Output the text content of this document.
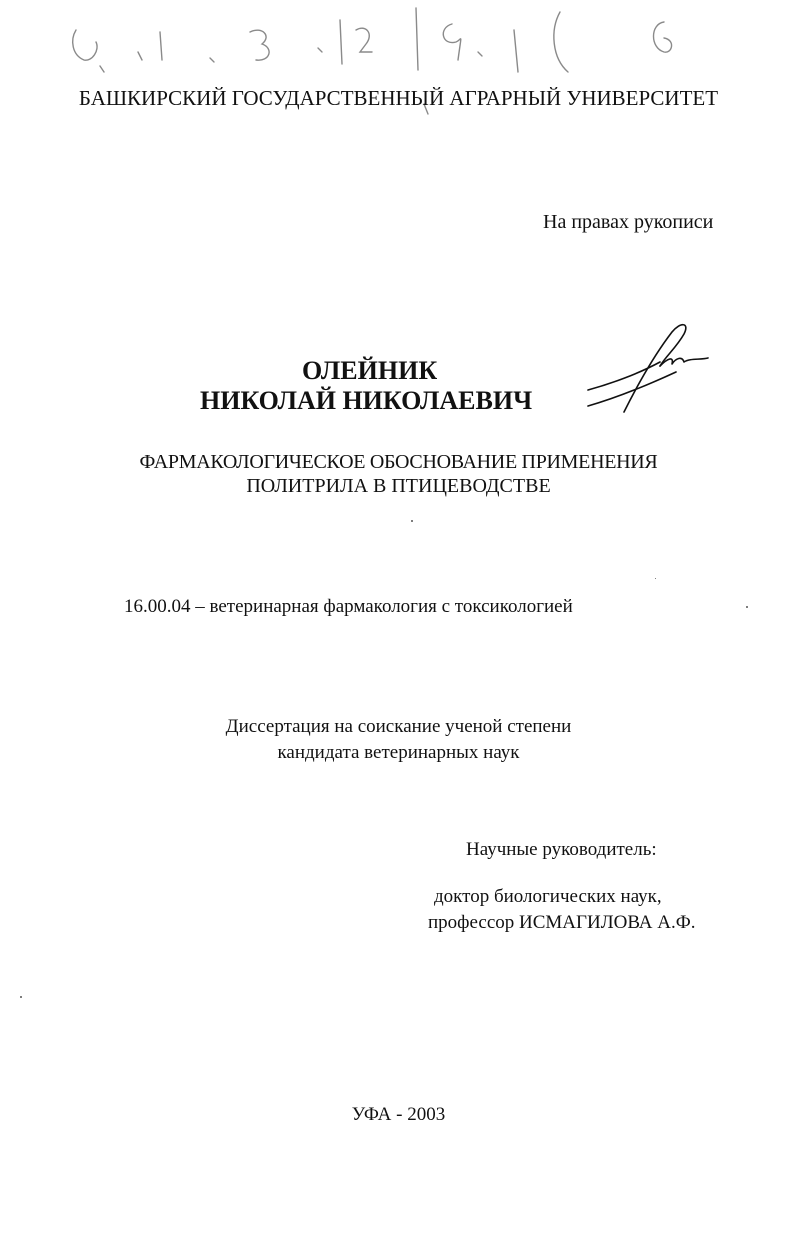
БАШКИРСКИЙ ГОСУДАРСТВЕННЫЙ АГРАРНЫЙ УНИВЕРСИТЕТ
На правах рукописи
ОЛЕЙНИК
НИКОЛАЙ НИКОЛАЕВИЧ
ФАРМАКОЛОГИЧЕСКОЕ ОБОСНОВАНИЕ ПРИМЕНЕНИЯ
ПОЛИТРИЛА В ПТИЦЕВОДСТВЕ
16.00.04 – ветеринарная фармакология с токсикологией
Диссертация на соискание ученой степени
кандидата ветеринарных наук
Научные руководитель:
доктор биологических наук,
профессор ИСМАГИЛОВА А.Ф.
УФА - 2003
